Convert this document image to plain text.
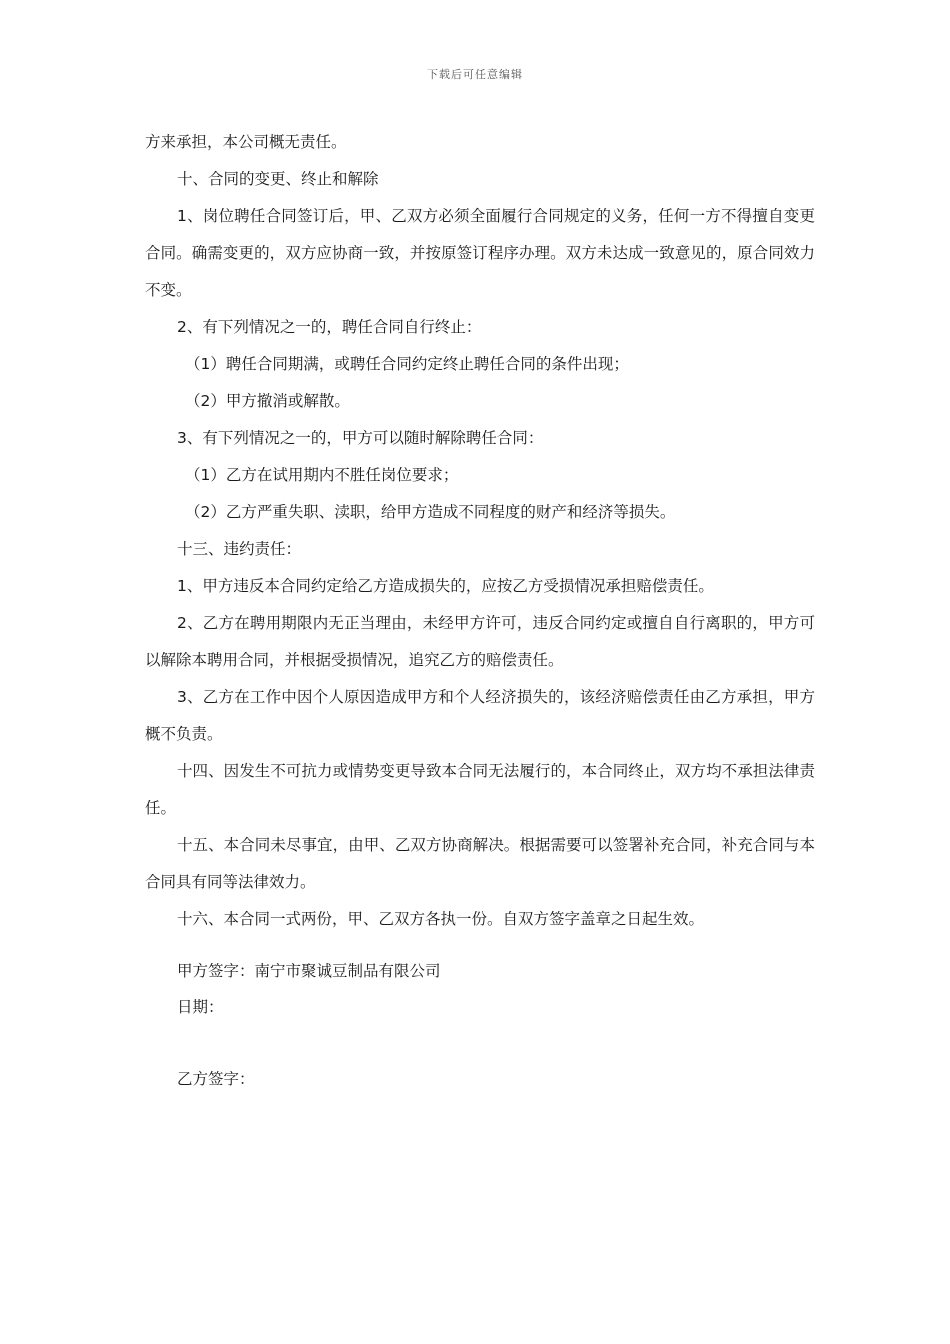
下载后可任意编辑

方来承担，本公司概无责任。

十、合同的变更、终止和解除

1、岗位聘任合同签订后，甲、乙双方必须全面履行合同规定的义务，任何一方不得擅自变更合同。确需变更的，双方应协商一致，并按原签订程序办理。双方未达成一致意见的，原合同效力不变。

2、有下列情况之一的，聘任合同自行终止：

（1）聘任合同期满，或聘任合同约定终止聘任合同的条件出现；

（2）甲方撤消或解散。

3、有下列情况之一的，甲方可以随时解除聘任合同：

（1）乙方在试用期内不胜任岗位要求；

（2）乙方严重失职、渎职，给甲方造成不同程度的财产和经济等损失。

十三、违约责任：

1、甲方违反本合同约定给乙方造成损失的，应按乙方受损情况承担赔偿责任。

2、乙方在聘用期限内无正当理由，未经甲方许可，违反合同约定或擅自自行离职的，甲方可以解除本聘用合同，并根据受损情况，追究乙方的赔偿责任。

3、乙方在工作中因个人原因造成甲方和个人经济损失的，该经济赔偿责任由乙方承担，甲方概不负责。

十四、因发生不可抗力或情势变更导致本合同无法履行的，本合同终止，双方均不承担法律责任。

十五、本合同未尽事宜，由甲、乙双方协商解决。根据需要可以签署补充合同，补充合同与本合同具有同等法律效力。

十六、本合同一式两份，甲、乙双方各执一份。自双方签字盖章之日起生效。

甲方签字：南宁市聚诚豆制品有限公司
日期：
乙方签字：
